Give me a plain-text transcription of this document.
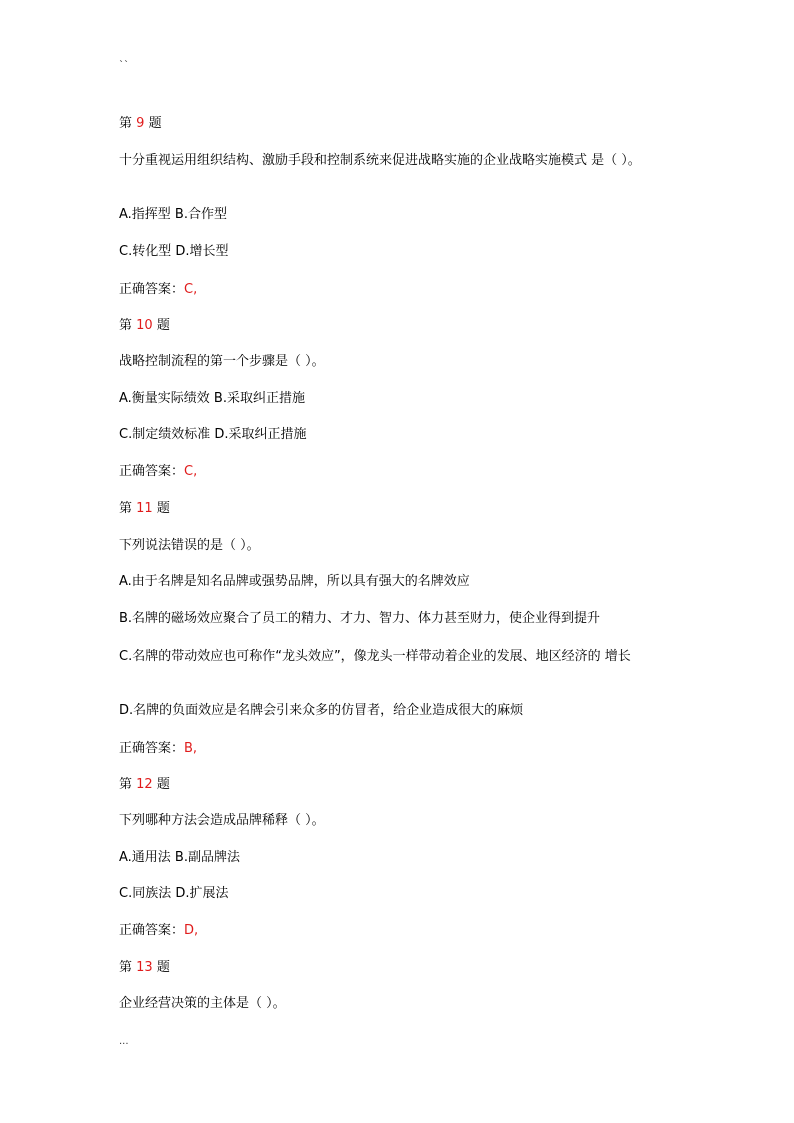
``
第 9 题
十分重视运用组织结构、激励手段和控制系统来促进战略实施的企业战略实施模式 是（ ）。
A.指挥型 B.合作型
C.转化型 D.增长型
正确答案：C,
第 10 题
战略控制流程的第一个步骤是（ ）。
A.衡量实际绩效 B.采取纠正措施
C.制定绩效标准 D.采取纠正措施
正确答案：C,
第 11 题
下列说法错误的是（ ）。
A.由于名牌是知名品牌或强势品牌，所以具有强大的名牌效应
B.名牌的磁场效应聚合了员工的精力、才力、智力、体力甚至财力，使企业得到提升
C.名牌的带动效应也可称作“龙头效应”，像龙头一样带动着企业的发展、地区经济的 增长
D.名牌的负面效应是名牌会引来众多的仿冒者，给企业造成很大的麻烦
正确答案：B,
第 12 题
下列哪种方法会造成品牌稀释（ ）。
A.通用法 B.副品牌法
C.同族法 D.扩展法
正确答案：D,
第 13 题
企业经营决策的主体是（ ）。
...
